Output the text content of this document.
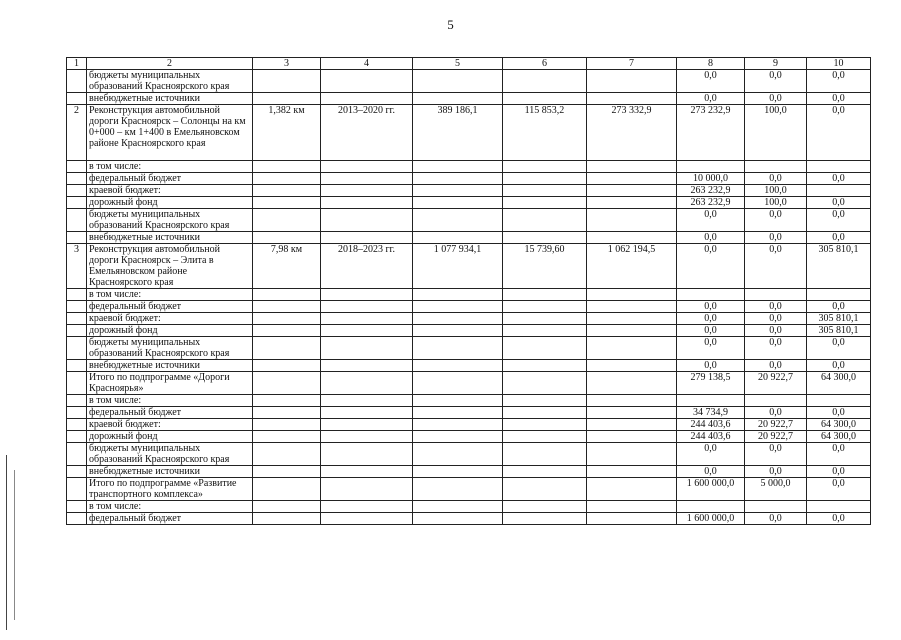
5
1	2	3	4	5	6	7	8	9	10
	бюджеты муниципальных образований Красноярского края						0,0	0,0	0,0
	внебюджетные источники						0,0	0,0	0,0
2	Реконструкция автомобильной дороги Красноярск – Солонцы на км 0+000 – км 1+400 в Емельяновском районе Красноярского края	1,382 км	2013–2020 гг.	389 186,1	115 853,2	273 332,9	273 232,9	100,0	0,0
	в том числе:								
	федеральный бюджет						10 000,0	0,0	0,0
	краевой бюджет:						263 232,9	100,0	
	дорожный фонд						263 232,9	100,0	0,0
	бюджеты муниципальных образований Красноярского края						0,0	0,0	0,0
	внебюджетные источники						0,0	0,0	0,0
3	Реконструкция автомобильной дороги Красноярск – Элита в Емельяновском районе Красноярского края	7,98 км	2018–2023 гг.	1 077 934,1	15 739,60	1 062 194,5	0,0	0,0	305 810,1
	в том числе:								
	федеральный бюджет						0,0	0,0	0,0
	краевой бюджет:						0,0	0,0	305 810,1
	дорожный фонд						0,0	0,0	305 810,1
	бюджеты муниципальных образований Красноярского края						0,0	0,0	0,0
	внебюджетные источники						0,0	0,0	0,0
	Итого по подпрограмме «Дороги Красноярья»						279 138,5	20 922,7	64 300,0
	в том числе:								
	федеральный бюджет						34 734,9	0,0	0,0
	краевой бюджет:						244 403,6	20 922,7	64 300,0
	дорожный фонд						244 403,6	20 922,7	64 300,0
	бюджеты муниципальных образований Красноярского края						0,0	0,0	0,0
	внебюджетные источники						0,0	0,0	0,0
	Итого по подпрограмме «Развитие транспортного комплекса»						1 600 000,0	5 000,0	0,0
	в том числе:								
	федеральный бюджет						1 600 000,0	0,0	0,0
